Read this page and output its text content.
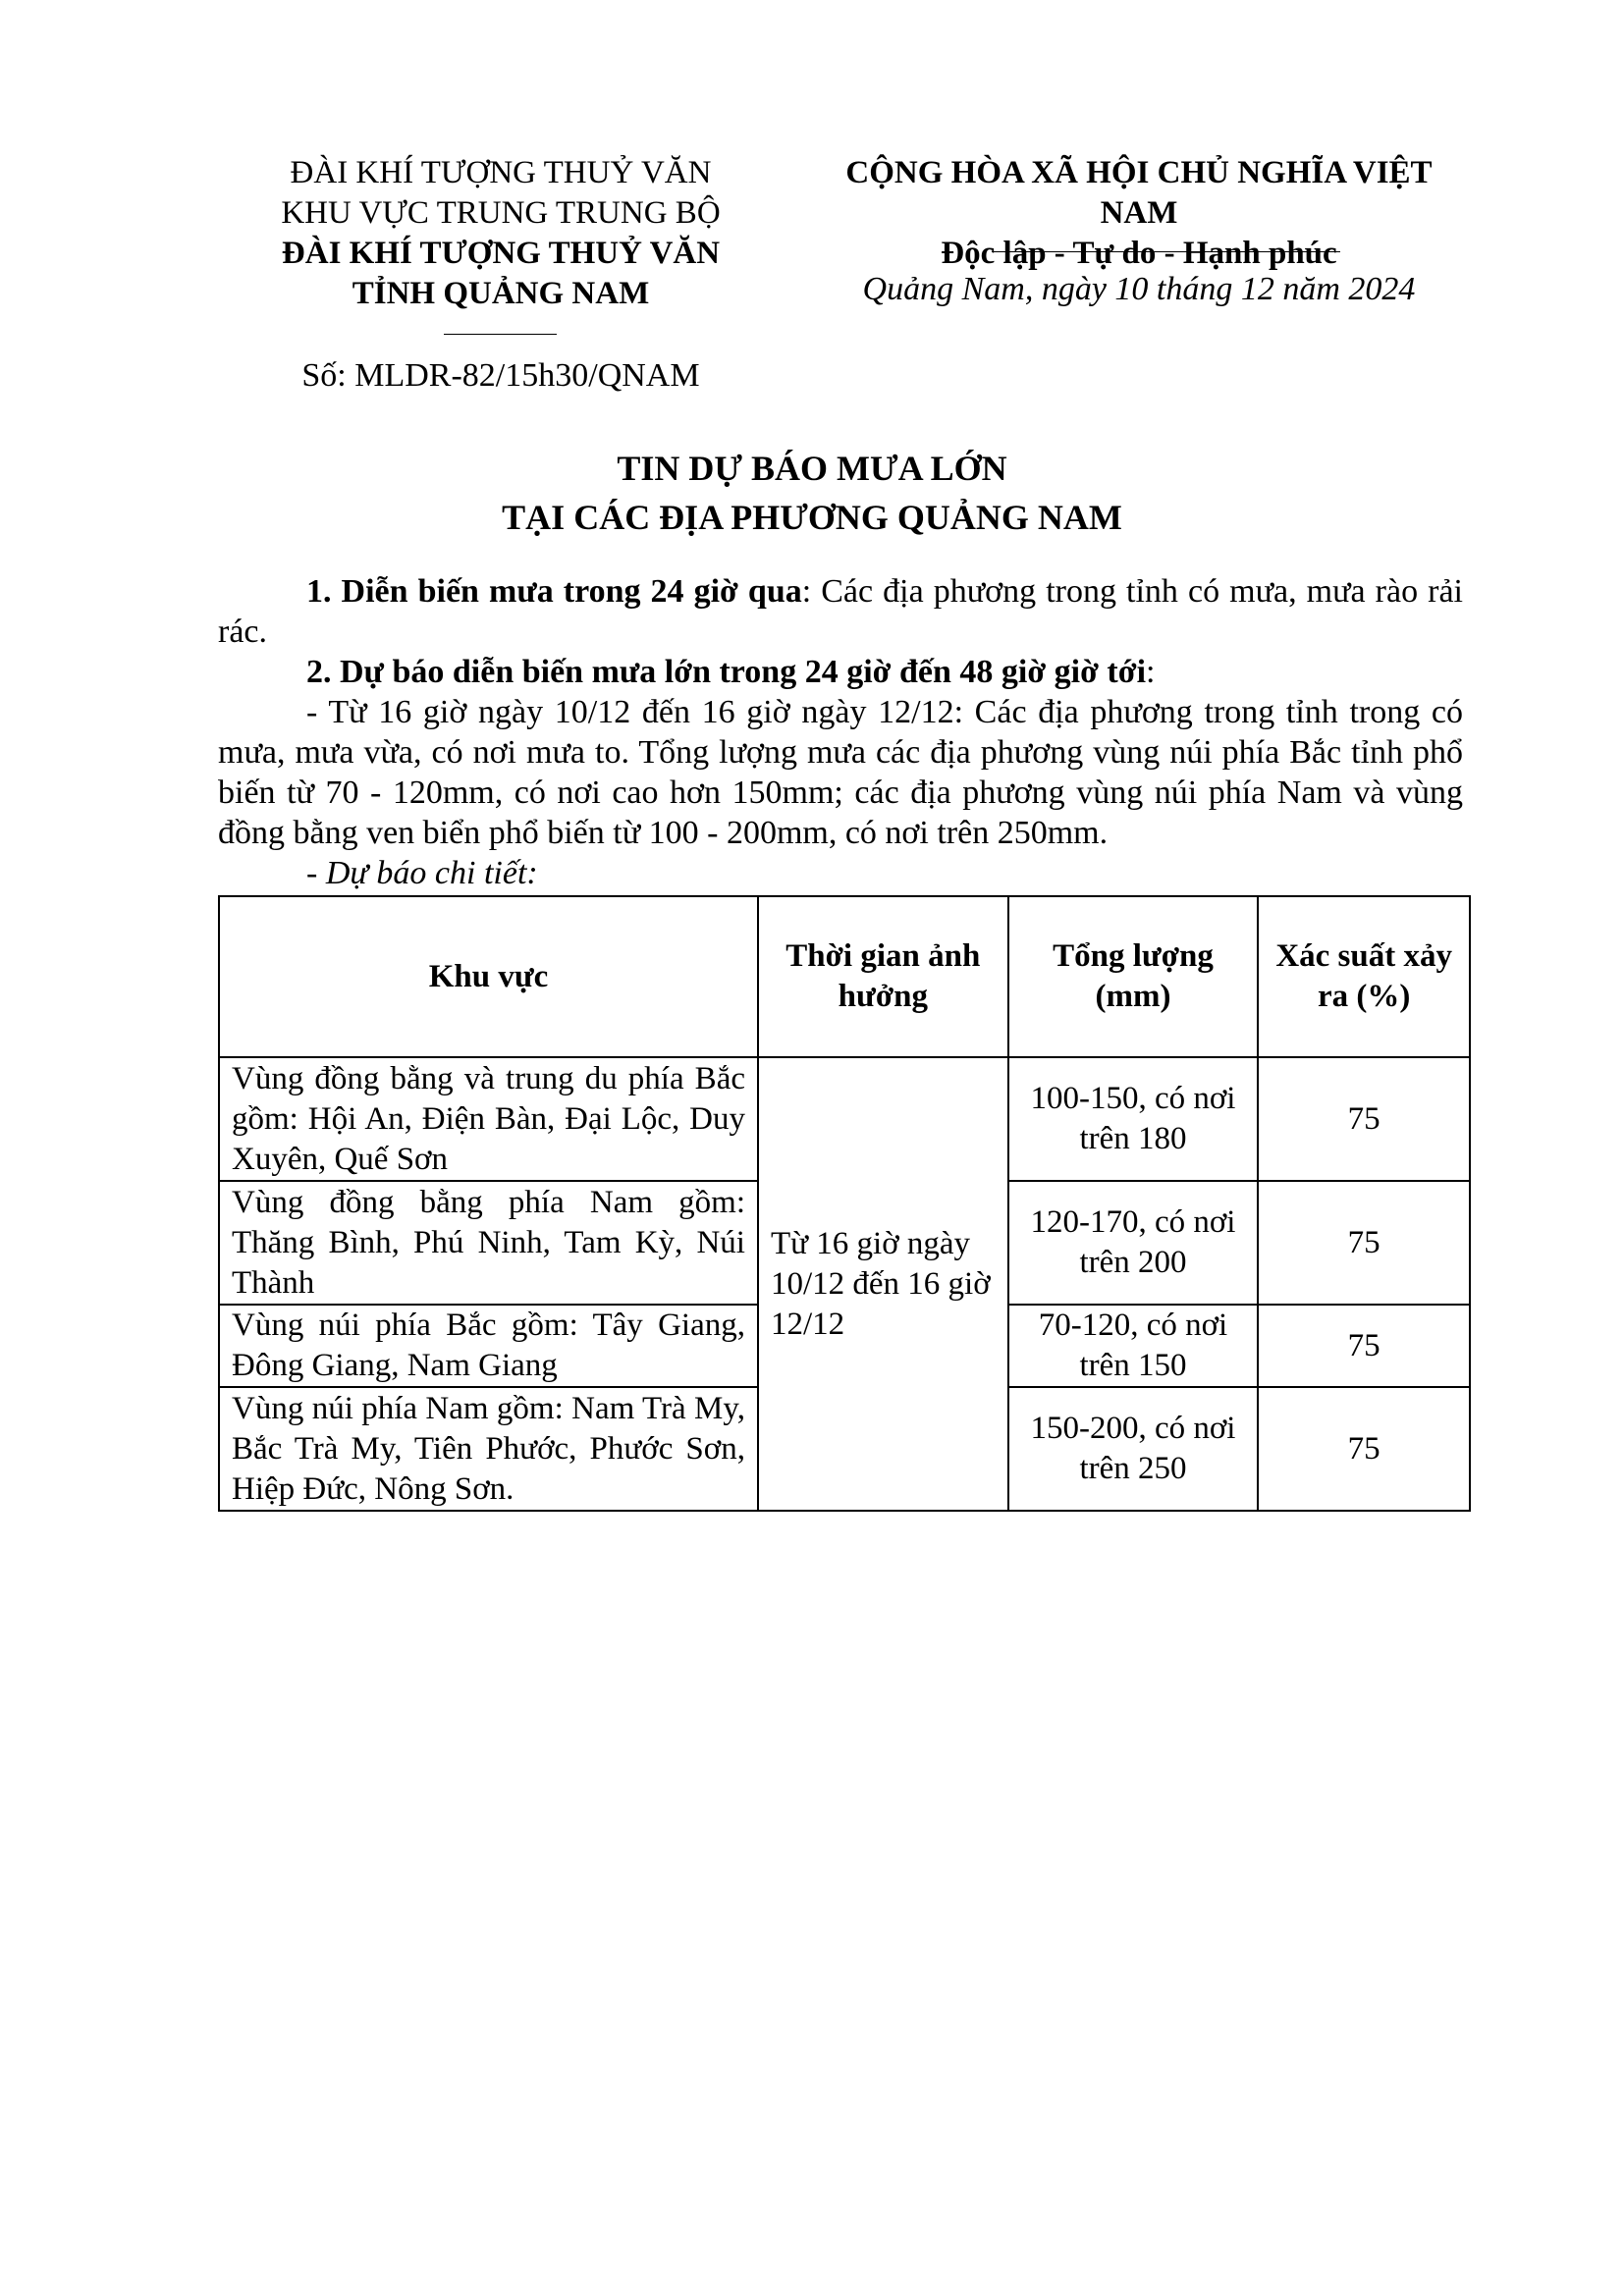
ĐÀI KHÍ TƯỢNG THUỶ VĂN
KHU VỰC TRUNG TRUNG BỘ
ĐÀI KHÍ TƯỢNG THUỶ VĂN
TỈNH QUẢNG NAM
Số: MLDR-82/15h30/QNAM
CỘNG HÒA XÃ HỘI CHỦ NGHĨA VIỆT NAM
Độc lập - Tự do - Hạnh phúc
Quảng Nam, ngày 10 tháng 12 năm 2024
TIN DỰ BÁO MƯA LỚN
TẠI CÁC ĐỊA PHƯƠNG QUẢNG NAM
1. Diễn biến mưa trong 24 giờ qua: Các địa phương trong tỉnh có mưa, mưa rào rải rác.
2. Dự báo diễn biến mưa lớn trong 24 giờ đến 48 giờ giờ tới:
- Từ 16 giờ ngày 10/12 đến 16 giờ ngày 12/12: Các địa phương trong tỉnh trong có mưa, mưa vừa, có nơi mưa to. Tổng lượng mưa các địa phương vùng núi phía Bắc tỉnh phổ biến từ 70 - 120mm, có nơi cao hơn 150mm; các địa phương vùng núi phía Nam và vùng đồng bằng ven biển phổ biến từ 100 - 200mm, có nơi trên 250mm.
- Dự báo chi tiết:
Khu vực	Thời gian ảnh hưởng	Tổng lượng (mm)	Xác suất xảy ra (%)
Vùng đồng bằng và trung du phía Bắc gồm: Hội An, Điện Bàn, Đại Lộc, Duy Xuyên, Quế Sơn	Từ 16 giờ ngày 10/12 đến 16 giờ 12/12	100-150, có nơi trên 180	75
Vùng đồng bằng phía Nam gồm: Thăng Bình, Phú Ninh, Tam Kỳ, Núi Thành		120-170, có nơi trên 200	75
Vùng núi phía Bắc gồm: Tây Giang, Đông Giang, Nam Giang		70-120, có nơi trên 150	75
Vùng núi phía Nam gồm: Nam Trà My, Bắc Trà My, Tiên Phước, Phước Sơn, Hiệp Đức, Nông Sơn.		150-200, có nơi trên 250	75
